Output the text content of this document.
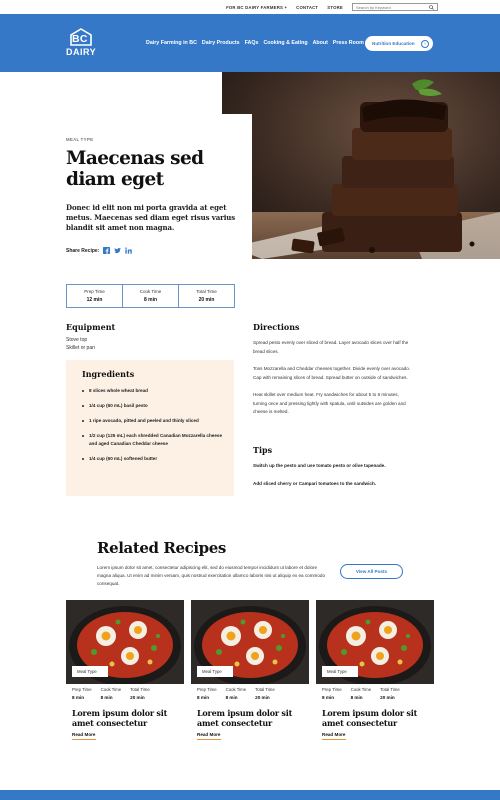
FOR BC DAIRY FARMERS + CONTACT STORE
Search by Keyword
BC
DAIRY
Dairy Farming in BC Dairy Products FAQs Cooking & Eating About Press Room Nutrition Education	›
MEAL TYPE
Maecenas sed diam eget

Donec id elit non mi porta gravida at eget metus. Maecenas sed diam eget risus varius blandit sit amet non magna.

Share Recipe:
Prep Time
12 min
Cook Time
8 min
Total Time
20 min
Equipment
Stove top
Skillet or pan
Ingredients
8 slices whole wheat bread
1/4 cup (60 mL) basil pesto
1 ripe avocado, pitted and peeled and thinly sliced
1/2 cup (125 mL) each shredded Canadian Mozzarella cheese and aged Canadian Cheddar cheese
1/4 cup (60 mL) softened butter
Directions

Spread pesto evenly over sliced of bread. Layer avocado slices over half the bread slices.

Toss Mozzarella and Cheddar cheeses together. Divide evenly over avocado. Cap with remaining slices of bread. Spread butter on outside of sandwiches.

Heat skillet over medium heat. Fry sandwiches for about 5 to 6 minutes, turning once and pressing lightly with spatula, until outsides are golden and cheese is melted.

Tips

Switch up the pesto and use tomato pesto or olive tapenade.

Add sliced cherry or Campari tomatoes to the sandwich.

Related Recipes

Lorem ipsum dolor sit amet, consectetur adipiscing elit, sed do eiusmod tempor incididunt ut labore et dolore magna aliqua. Ut enim ad minim veniam, quis nostrud exercitation ullamco laboris nisi ut aliquip ex ea commodo consequat.

View All Posts
Meal Type
Prep Time
8 min
Cook Time
8 min
Total Time
20 min
Lorem ipsum dolor sit amet consectetur
Read More
Meal Type
Prep Time
8 min
Cook Time
8 min
Total Time
20 min
Lorem ipsum dolor sit amet consectetur
Read More
Meal Type
Prep Time
8 min
Cook Time
8 min
Total Time
20 min
Lorem ipsum dolor sit amet consectetur
Read More
